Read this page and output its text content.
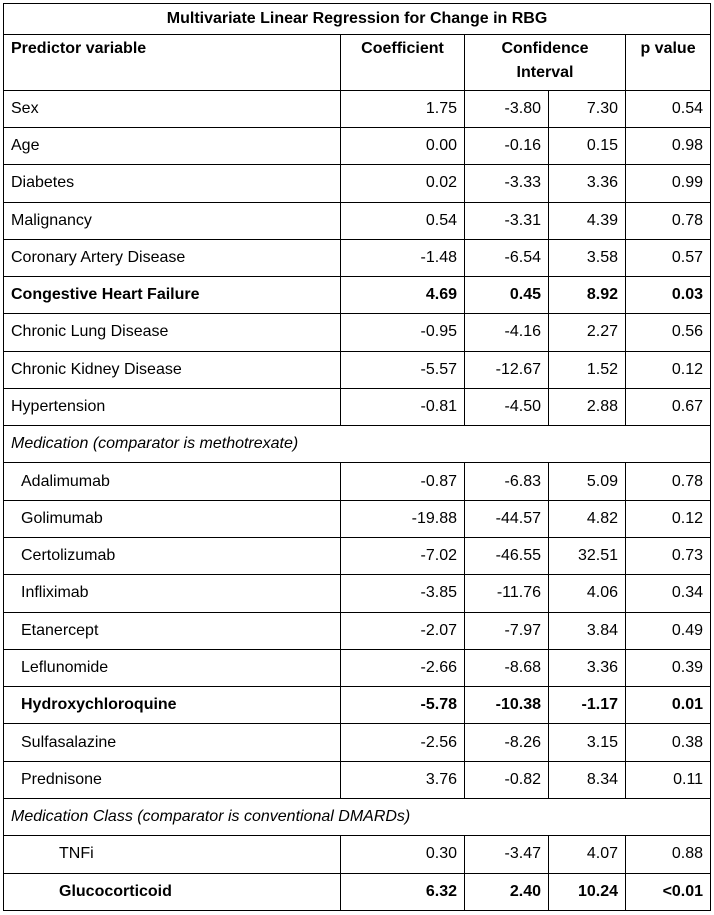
Multivariate Linear Regression for Change in RBG				
Predictor variable	Coefficient	Confidence Interval		p value
Sex	1.75	-3.80	7.30	0.54
Age	0.00	-0.16	0.15	0.98
Diabetes	0.02	-3.33	3.36	0.99
Malignancy	0.54	-3.31	4.39	0.78
Coronary Artery Disease	-1.48	-6.54	3.58	0.57
Congestive Heart Failure	4.69	0.45	8.92	0.03
Chronic Lung Disease	-0.95	-4.16	2.27	0.56
Chronic Kidney Disease	-5.57	-12.67	1.52	0.12
Hypertension	-0.81	-4.50	2.88	0.67
Medication (comparator is methotrexate)				
Adalimumab	-0.87	-6.83	5.09	0.78
Golimumab	-19.88	-44.57	4.82	0.12
Certolizumab	-7.02	-46.55	32.51	0.73
Infliximab	-3.85	-11.76	4.06	0.34
Etanercept	-2.07	-7.97	3.84	0.49
Leflunomide	-2.66	-8.68	3.36	0.39
Hydroxychloroquine	-5.78	-10.38	-1.17	0.01
Sulfasalazine	-2.56	-8.26	3.15	0.38
Prednisone	3.76	-0.82	8.34	0.11
Medication Class (comparator is conventional DMARDs)				
TNFi	0.30	-3.47	4.07	0.88
Glucocorticoid	6.32	2.40	10.24	<0.01
